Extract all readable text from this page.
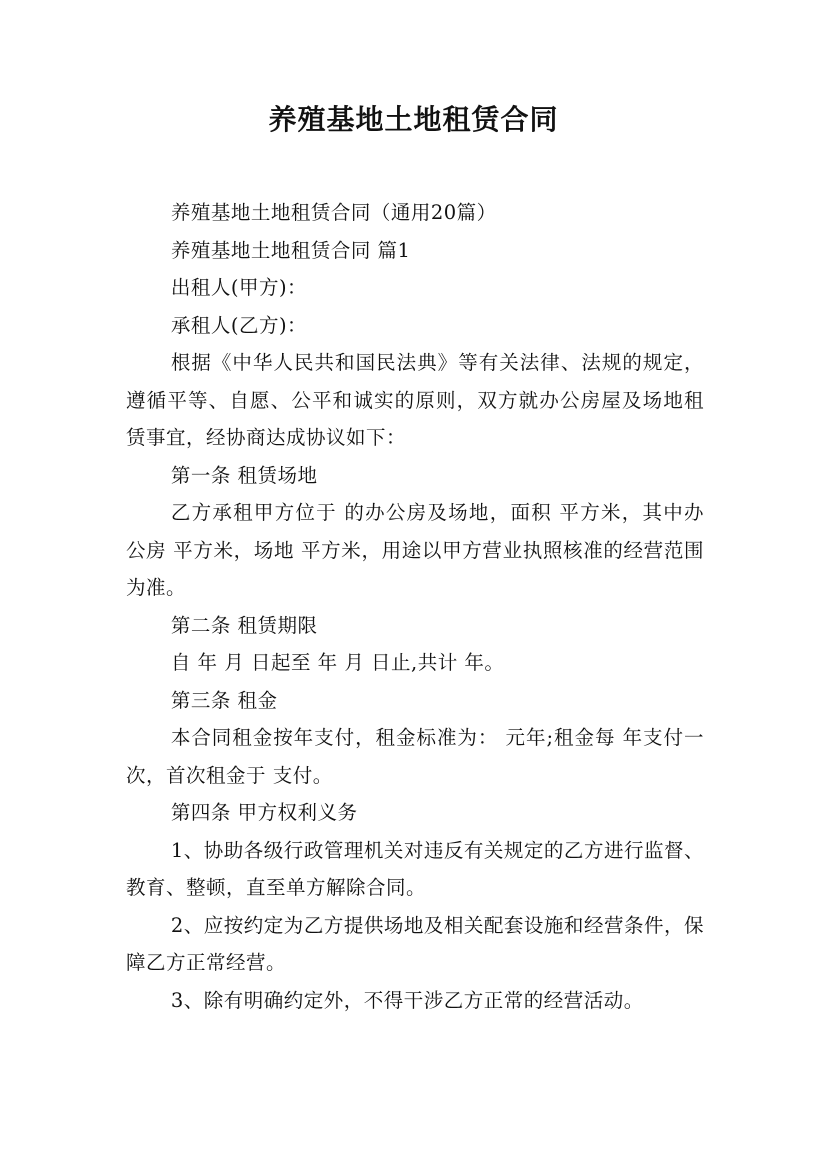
养殖基地土地租赁合同

养殖基地土地租赁合同（通用20篇）

养殖基地土地租赁合同 篇1

出租人(甲方)：

承租人(乙方)：

根据《中华人民共和国民法典》等有关法律、法规的规定，遵循平等、自愿、公平和诚实的原则，双方就办公房屋及场地租赁事宜，经协商达成协议如下：

第一条 租赁场地

乙方承租甲方位于 的办公房及场地，面积 平方米，其中办公房 平方米，场地 平方米，用途以甲方营业执照核准的经营范围为准。

第二条 租赁期限

自 年 月 日起至 年 月 日止,共计 年。

第三条 租金

本合同租金按年支付，租金标准为： 元年;租金每 年支付一次，首次租金于 支付。

第四条 甲方权利义务

1、协助各级行政管理机关对违反有关规定的乙方进行监督、教育、整顿，直至单方解除合同。

2、应按约定为乙方提供场地及相关配套设施和经营条件，保障乙方正常经营。

3、除有明确约定外，不得干涉乙方正常的经营活动。
